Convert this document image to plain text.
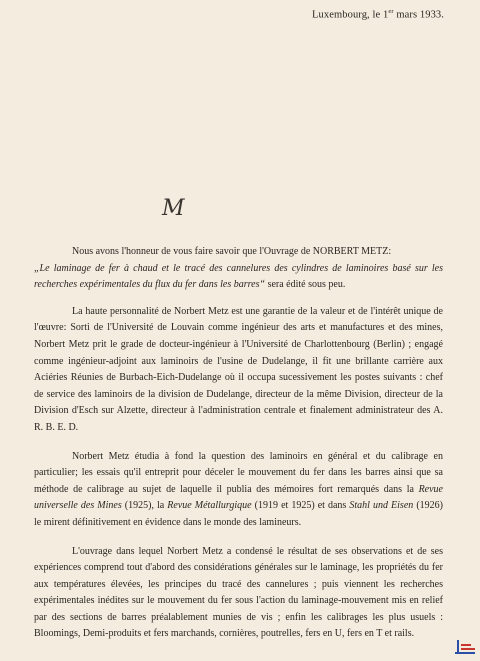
Luxembourg, le 1er mars 1933.
M

Nous avons l'honneur de vous faire savoir que l'Ouvrage de NORBERT METZ:
„Le laminage de fer à chaud et le tracé des cannelures des cylindres de laminoires basé sur les recherches expérimentales du flux du fer dans les barres“ sera édité sous peu.

La haute personnalité de Norbert Metz est une garantie de la valeur et de l'intérêt unique de l'œuvre: Sorti de l'Université de Louvain comme ingénieur des arts et manufactures et des mines, Norbert Metz prit le grade de docteur-ingénieur à l'Université de Charlottenbourg (Berlin) ; engagé comme ingénieur-adjoint aux laminoirs de l'usine de Dudelange, il fit une brillante carrière aux Aciéries Réunies de Burbach-Eich-Dudelange où il occupa sucessivement les postes suivants : chef de service des laminoirs de la division de Dudelange, directeur de la même Division, directeur de la Division d'Esch sur Alzette, directeur à l'administration centrale et finalement administrateur des A. R. B. E. D.

Norbert Metz étudia à fond la question des laminoirs en général et du calibrage en particulier; les essais qu'il entreprit pour déceler le mouvement du fer dans les barres ainsi que sa méthode de calibrage au sujet de laquelle il publia des mémoires fort remarqués dans la Revue universelle des Mines (1925), la Revue Métallurgique (1919 et 1925) et dans Stahl und Eisen (1926) le mirent définitivement en évidence dans le monde des lamineurs.

L'ouvrage dans lequel Norbert Metz a condensé le résultat de ses observations et de ses expériences comprend tout d'abord des considérations générales sur le laminage, les propriétés du fer aux températures élevées, les principes du tracé des cannelures ; puis viennent les recherches expérimentales inédites sur le mouvement du fer sous l'action du laminage-mouvement mis en relief par des sections de barres préalablement munies de vis ; enfin les calibrages les plus usuels : Bloomings, Demi-produits et fers marchands, cornières, poutrelles, fers en U, fers en T et rails.
